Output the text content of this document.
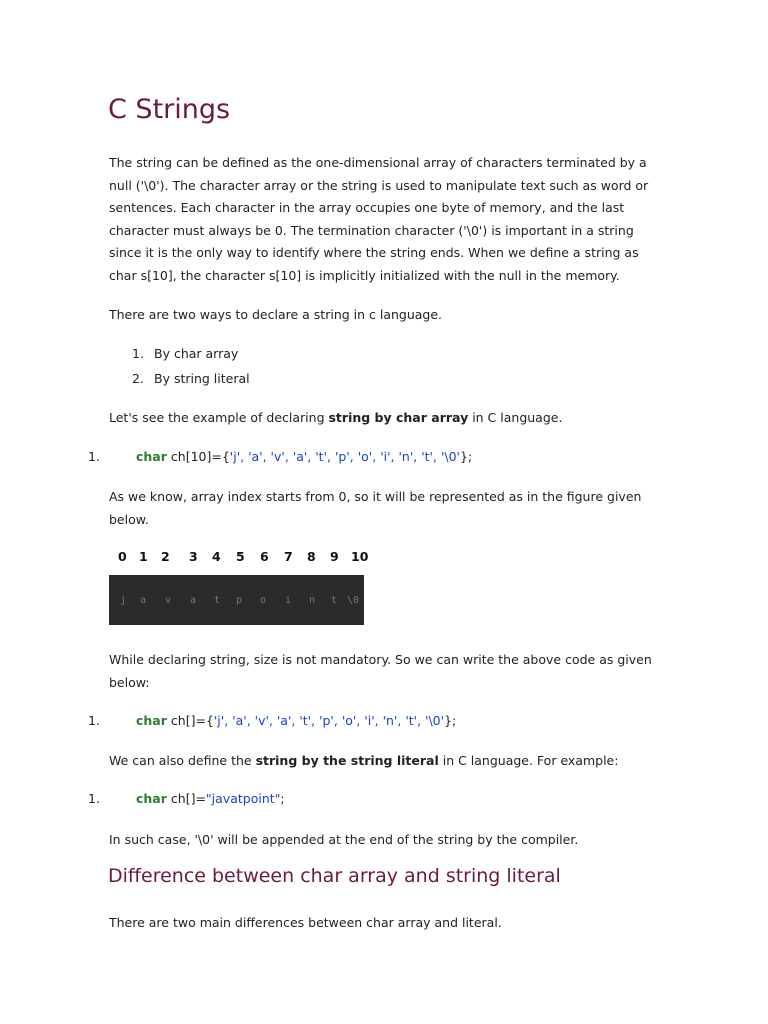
C Strings

The string can be defined as the one-dimensional array of characters terminated by a null ('\0'). The character array or the string is used to manipulate text such as word or sentences. Each character in the array occupies one byte of memory, and the last character must always be 0. The termination character ('\0') is important in a string since it is the only way to identify where the string ends. When we define a string as char s[10], the character s[10] is implicitly initialized with the null in the memory.

There are two ways to declare a string in c language.

1. By char array
2. By string literal

Let's see the example of declaring string by char array in C language.

1.	char ch[10]={'j', 'a', 'v', 'a', 't', 'p', 'o', 'i', 'n', 't', '\0'};

As we know, array index starts from 0, so it will be represented as in the figure given below.

0 1 2 3 4 5 6 7 8 9 10
j a v a t p o i n t \0

While declaring string, size is not mandatory. So we can write the above code as given below:

1.	char ch[]={'j', 'a', 'v', 'a', 't', 'p', 'o', 'i', 'n', 't', '\0'};

We can also define the string by the string literal in C language. For example:

1.	char ch[]="javatpoint";

In such case, '\0' will be appended at the end of the string by the compiler.

Difference between char array and string literal

There are two main differences between char array and literal.
